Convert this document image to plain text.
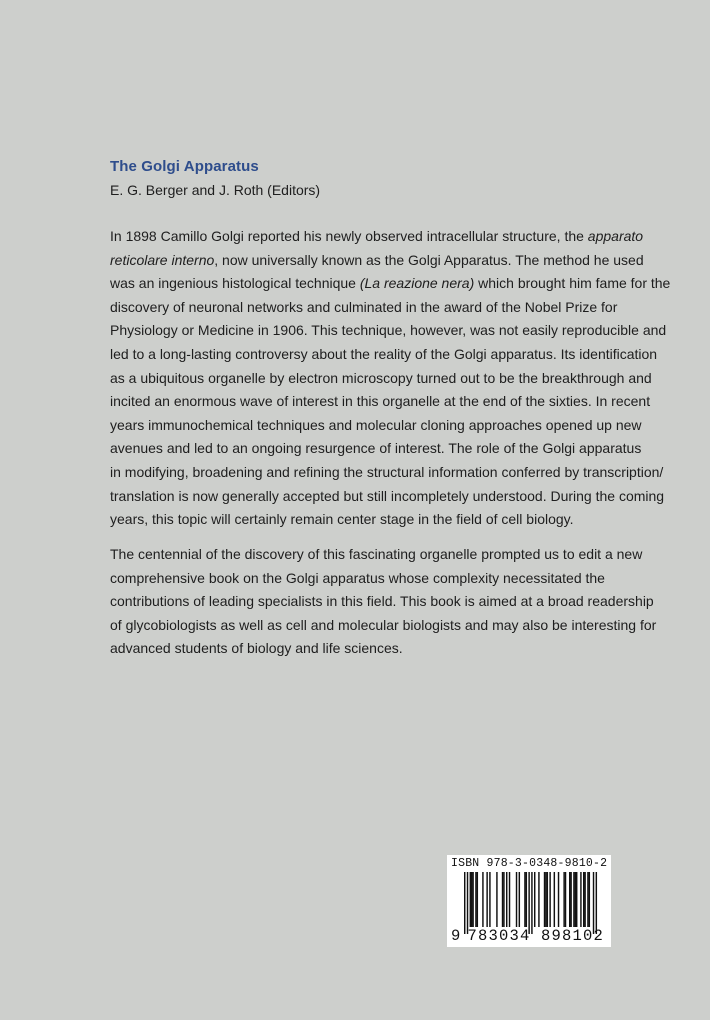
The Golgi Apparatus
E. G. Berger and J. Roth (Editors)

In 1898 Camillo Golgi reported his newly observed intracellular structure, the apparato
reticolare interno, now universally known as the Golgi Apparatus. The method he used
was an ingenious histological technique (La reazione nera) which brought him fame for the
discovery of neuronal networks and culminated in the award of the Nobel Prize for
Physiology or Medicine in 1906. This technique, however, was not easily reproducible and
led to a long-lasting controversy about the reality of the Golgi apparatus. Its identification
as a ubiquitous organelle by electron microscopy turned out to be the breakthrough and
incited an enormous wave of interest in this organelle at the end of the sixties. In recent
years immunochemical techniques and molecular cloning approaches opened up new
avenues and led to an ongoing resurgence of interest. The role of the Golgi apparatus
in modifying, broadening and refining the structural information conferred by transcription/
translation is now generally accepted but still incompletely understood. During the coming
years, this topic will certainly remain center stage in the field of cell biology.

The centennial of the discovery of this fascinating organelle prompted us to edit a new
comprehensive book on the Golgi apparatus whose complexity necessitated the
contributions of leading specialists in this field. This book is aimed at a broad readership
of glycobiologists as well as cell and molecular biologists and may also be interesting for
advanced students of biology and life sciences.

ISBN 978-3-0348-9810-2
9 783034 898102
